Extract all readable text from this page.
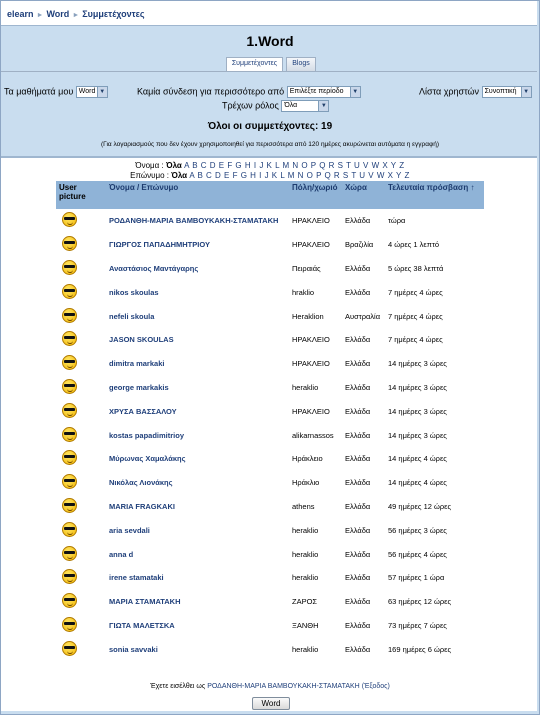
elearn ► Word ► Συμμετέχοντες
1.Word
Συμμετέχοντες	Blogs
Τα μαθήματά μου Word ▼	Καμία σύνδεση για περισσότερο από Επιλέξτε περίοδο	▼	Λίστα χρηστών Συνοπτική	▼
Τρέχων ρόλος Όλα	▼
Όλοι οι συμμετέχοντες: 19
(Για λογαριασμούς που δεν έχουν χρησιμοποιηθεί για περισσότερα από 120 ημέρες ακυρώνεται αυτόματα η εγγραφή)
Όνομα : Όλα A B C D E F G H I J K L M N O P Q R S T U V W X Y Z
Επώνυμο : Όλα A B C D E F G H I J K L M N O P Q R S T U V W X Y Z
User picture	Όνομα / Επώνυμο	Πόλη/χωριό	Χώρα	Τελευταία πρόσβαση ↑

	ΡΟΔΑΝΘΗ-ΜΑΡΙΑ ΒΑΜΒΟΥΚΑΚΗ-ΣΤΑΜΑΤΑΚΗ	ΗΡΑΚΛΕΙΟ	Ελλάδα	τώρα

	ΓΙΩΡΓΟΣ ΠΑΠΑΔΗΜΗΤΡΙΟΥ	ΗΡΑΚΛΕΙΟ	Βραζιλία	4 ώρες 1 λεπτό

	Αναστάσιος Μαντάγαρης	Πειραιάς	Ελλάδα	5 ώρες 38 λεπτά

	nikos skoulas	hraklio	Ελλάδα	7 ημέρες 4 ώρες

	nefeli skoula	Heraklion	Αυστραλία	7 ημέρες 4 ώρες

	JASON SKOULAS	ΗΡΑΚΛΕΙΟ	Ελλάδα	7 ημέρες 4 ώρες

	dimitra markaki	ΗΡΑΚΛΕΙΟ	Ελλάδα	14 ημέρες 3 ώρες

	george markakis	heraklio	Ελλάδα	14 ημέρες 3 ώρες

	ΧΡΥΣΑ ΒΑΣΣΑΛΟΥ	ΗΡΑΚΛΕΙΟ	Ελλάδα	14 ημέρες 3 ώρες

	kostas papadimitrioy	alikarnassos	Ελλάδα	14 ημέρες 3 ώρες

	Μύρωνας Χαμαλάκης	Ηράκλειο	Ελλάδα	14 ημέρες 4 ώρες

	Νικόλας Λιονάκης	Ηράκλιο	Ελλάδα	14 ημέρες 4 ώρες

	MARIA FRAGKAKI	athens	Ελλάδα	49 ημέρες 12 ώρες

	aria sevdali	heraklio	Ελλάδα	56 ημέρες 3 ώρες

	anna d	heraklio	Ελλάδα	56 ημέρες 4 ώρες

	irene stamataki	heraklio	Ελλάδα	57 ημέρες 1 ώρα

	ΜΑΡΙΑ ΣΤΑΜΑΤΑΚΗ	ΖΑΡΟΣ	Ελλάδα	63 ημέρες 12 ώρες

	ΓΙΩΤΑ ΜΑΛΕΤΣΚΑ	ΞΑΝΘΗ	Ελλάδα	73 ημέρες 7 ώρες

	sonia savvaki	heraklio	Ελλάδα	169 ημέρες 6 ώρες
Έχετε εισέλθει ως ΡΟΔΑΝΘΗ-ΜΑΡΙΑ ΒΑΜΒΟΥΚΑΚΗ-ΣΤΑΜΑΤΑΚΗ (Έξοδος)
Word
